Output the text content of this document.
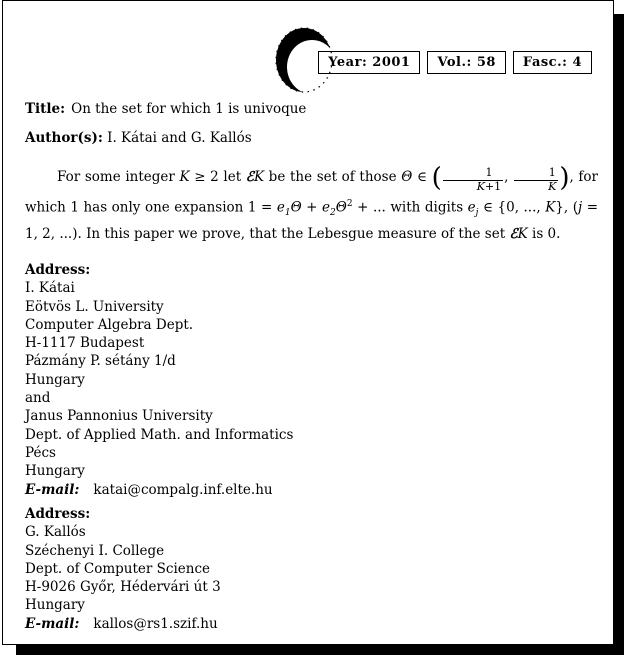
Year: 2001	Vol.: 58	Fasc.: 4
Title: On the set for which 1 is univoque
Author(s): I. Kátai and G. Kallós
For some integer K ≥ 2 let ℰK be the set of those Θ ∈ ( $\frac{1}{K+1}$ , $\frac{1}{K}$ ), for which 1 has only one expansion $1 = e_1\Theta + e_2\Theta^2$ + ... with digits $e_j$ ∈ {0, ..., K}, (j = 1, 2, ...). In this paper we prove, that the Lebesgue measure of the set ℰK is 0.
Address:
I. Kátai
Eötvös L. University
Computer Algebra Dept.
H-1117 Budapest
Pázmány P. sétány 1/d
Hungary
and
Janus Pannonius University
Dept. of Applied Math. and Informatics
Pécs
Hungary
E-mail: katai@compalg.inf.elte.hu
Address:
G. Kallós
Széchenyi I. College
Dept. of Computer Science
H-9026 Győr, Hédervári út 3
Hungary
E-mail: kallos@rs1.szif.hu
